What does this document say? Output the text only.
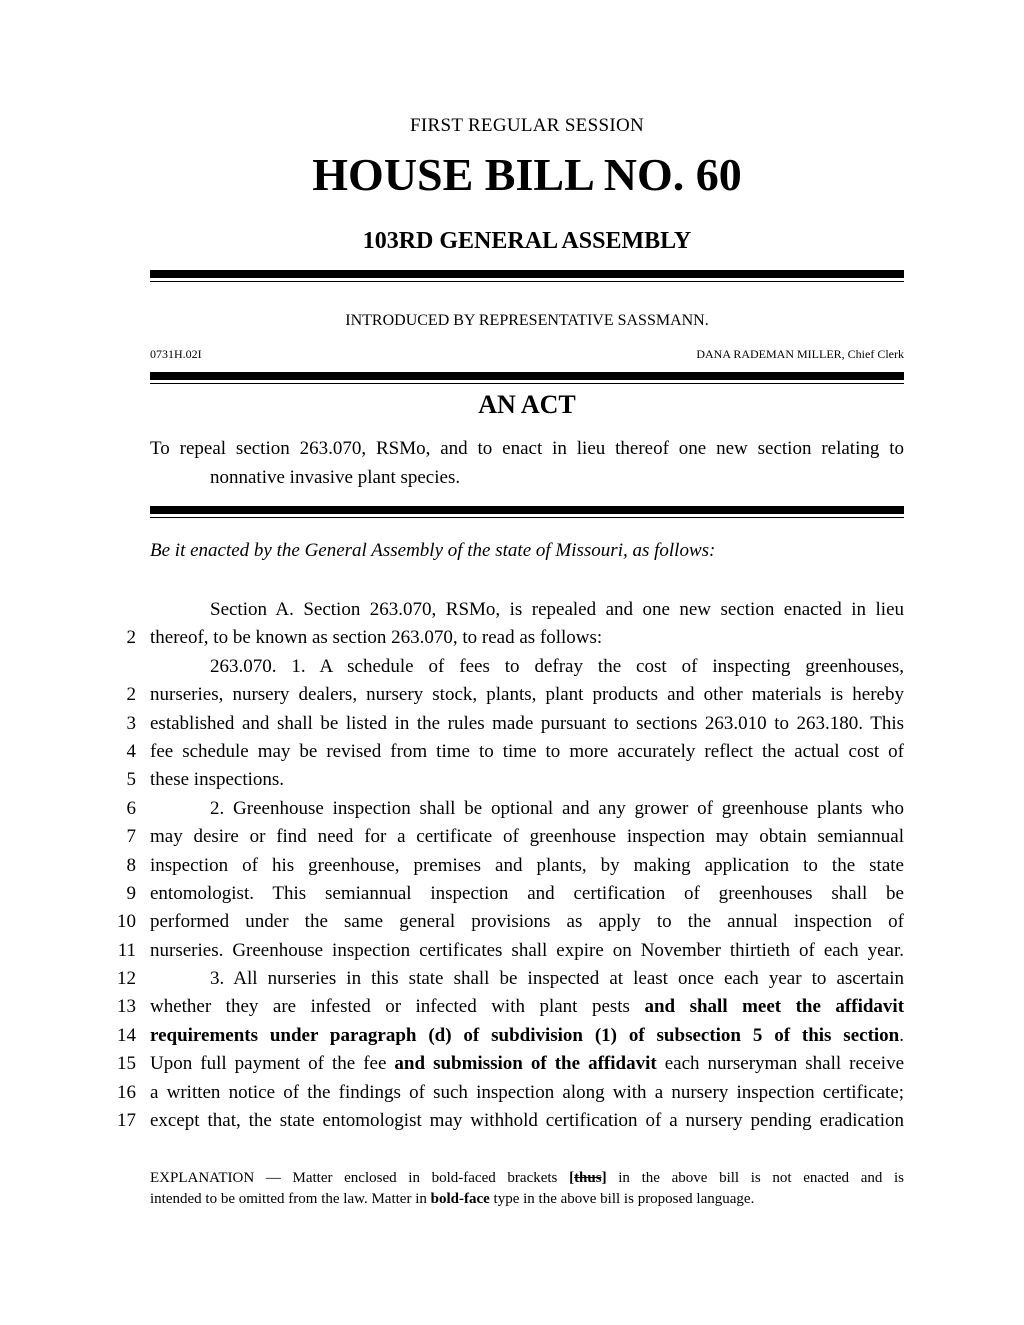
FIRST REGULAR SESSION
HOUSE BILL NO. 60
103RD GENERAL ASSEMBLY
INTRODUCED BY REPRESENTATIVE SASSMANN.
0731H.02I	DANA RADEMAN MILLER, Chief Clerk
AN ACT
To repeal section 263.070, RSMo, and to enact in lieu thereof one new section relating to
nonnative invasive plant species.
Be it enacted by the General Assembly of the state of Missouri, as follows:
Section A. Section 263.070, RSMo, is repealed and one new section enacted in lieu
2 thereof, to be known as section 263.070, to read as follows:
263.070. 1. A schedule of fees to defray the cost of inspecting greenhouses,
2 nurseries, nursery dealers, nursery stock, plants, plant products and other materials is hereby
3 established and shall be listed in the rules made pursuant to sections 263.010 to 263.180. This
4 fee schedule may be revised from time to time to more accurately reflect the actual cost of
5 these inspections.
6	2. Greenhouse inspection shall be optional and any grower of greenhouse plants who
7 may desire or find need for a certificate of greenhouse inspection may obtain semiannual
8 inspection of his greenhouse, premises and plants, by making application to the state
9 entomologist. This semiannual inspection and certification of greenhouses shall be
10 performed under the same general provisions as apply to the annual inspection of
11 nurseries. Greenhouse inspection certificates shall expire on November thirtieth of each year.
12	3. All nurseries in this state shall be inspected at least once each year to ascertain
13 whether they are infested or infected with plant pests and shall meet the affidavit
14 requirements under paragraph (d) of subdivision (1) of subsection 5 of this section.
15 Upon full payment of the fee and submission of the affidavit each nurseryman shall receive
16 a written notice of the findings of such inspection along with a nursery inspection certificate;
17 except that, the state entomologist may withhold certification of a nursery pending eradication
EXPLANATION — Matter enclosed in bold-faced brackets [thus] in the above bill is not enacted and is
intended to be omitted from the law. Matter in bold-face type in the above bill is proposed language.
